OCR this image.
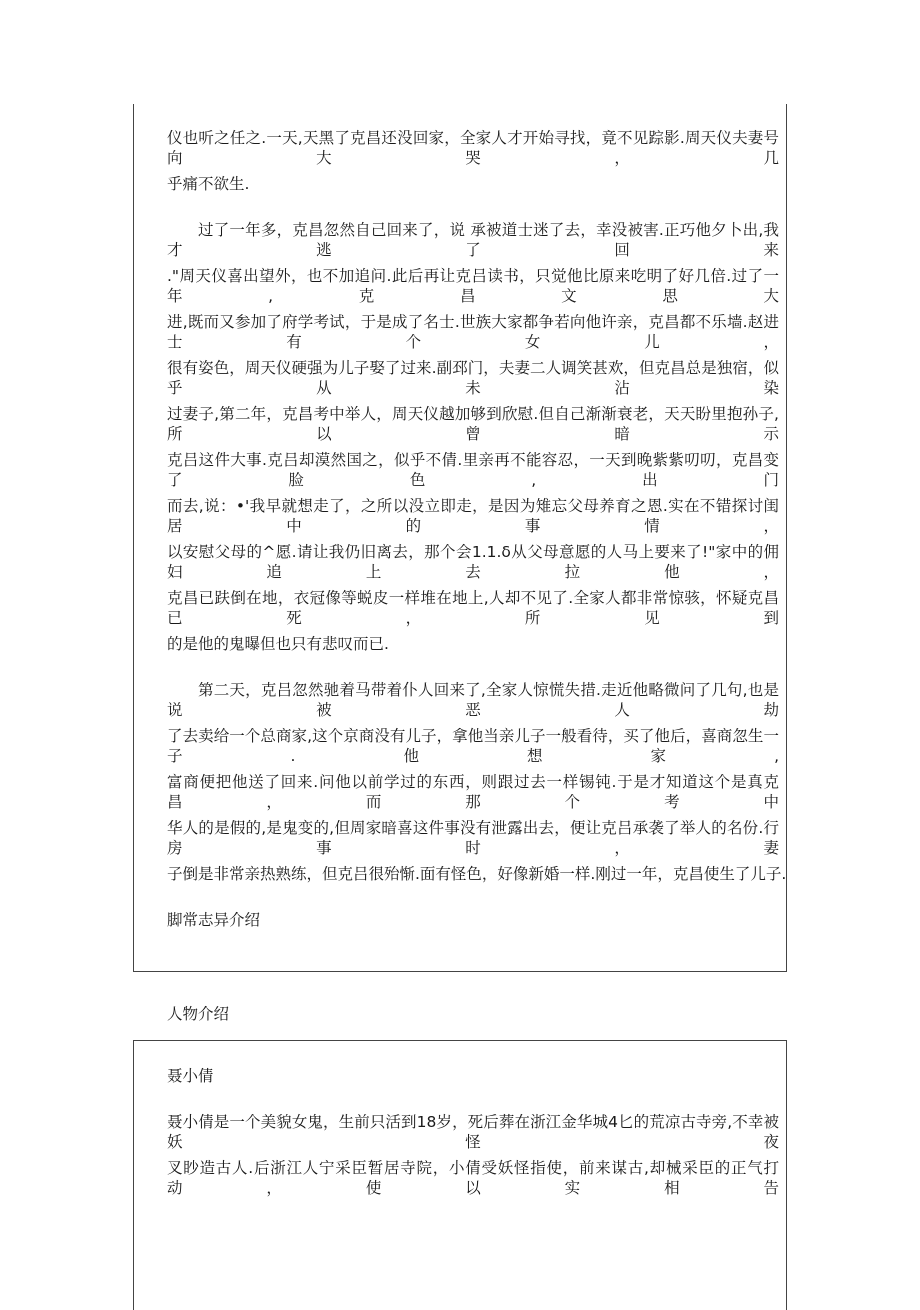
仪也听之任之.一天,天黑了克昌还没回家，全家人才开始寻找，竟不见踪影.周天仪夫妻号向大哭，几
乎痛不欲生.
过了一年多，克昌忽然自己回来了，说 承被道士迷了去，幸没被害.正巧他夕卜出,我才逃了回来
."周天仪喜出望外，也不加追问.此后再让克吕读书，只觉他比原来吃明了好几倍.过了一年,克昌文思大
进,既而又参加了府学考试，于是成了名士.世族大家都争若向他许亲，克昌都不乐墙.赵进士有个女儿，
很有姿色，周天仪硬强为儿子娶了过来.副邳门，夫妻二人调笑甚欢，但克昌总是独宿，似乎从未沾染
过妻子,第二年，克昌考中举人，周天仪越加够到欣慰.但自己渐渐衰老，天天盼里抱孙子,所以曾暗示
克吕这件大事.克吕却漠然国之，似乎不倩.里亲再不能容忍，一天到晚紫紫叨叨，克昌变了脸色,出门
而去,说：•'我早就想走了，之所以没立即走，是因为雉忘父母养育之恩.实在不错探讨闺居中的事情，
以安慰父母的^愿.请让我仍旧离去，那个会1.1.δ从父母意愿的人马上要来了!"家中的佣妇追上去拉他，
克昌已趺倒在地，衣冠像等蜕皮一样堆在地上,人却不见了.全家人都非常惊骇，怀疑克昌已死，所见到
的是他的鬼曝但也只有悲叹而已.
第二天，克吕忽然驰着马带着仆人回来了,全家人惊慌失措.走近他略微问了几句,也是说被恶人劫
了去卖给一个总商家,这个京商没有儿子，拿他当亲儿子一般看待，买了他后，喜商忽生一子.他想家,
富商便把他送了回来.问他以前学过的东西，则跟过去一样锡钝.于是才知道这个是真克昌，而那个考中
华人的是假的,是鬼变的,但周家暗喜这件事没有泄露出去，便让克吕承袭了举人的名份.行房事时，妻
子倒是非常亲热熟练，但克吕很殆惭.面有怪色，好像新婚一样.刚过一年，克昌使生了儿子.
脚常志异介绍
人物介绍
聂小倩
聂小倩是一个美貌女鬼，生前只活到18岁，死后葬在浙江金华城4匕的荒凉古寺旁,不幸被妖怪夜
叉眇造古人.后浙江人宁采臣暂居寺院，小倩受妖怪指使，前来谋古,却械采臣的正气打动，使以实相告
